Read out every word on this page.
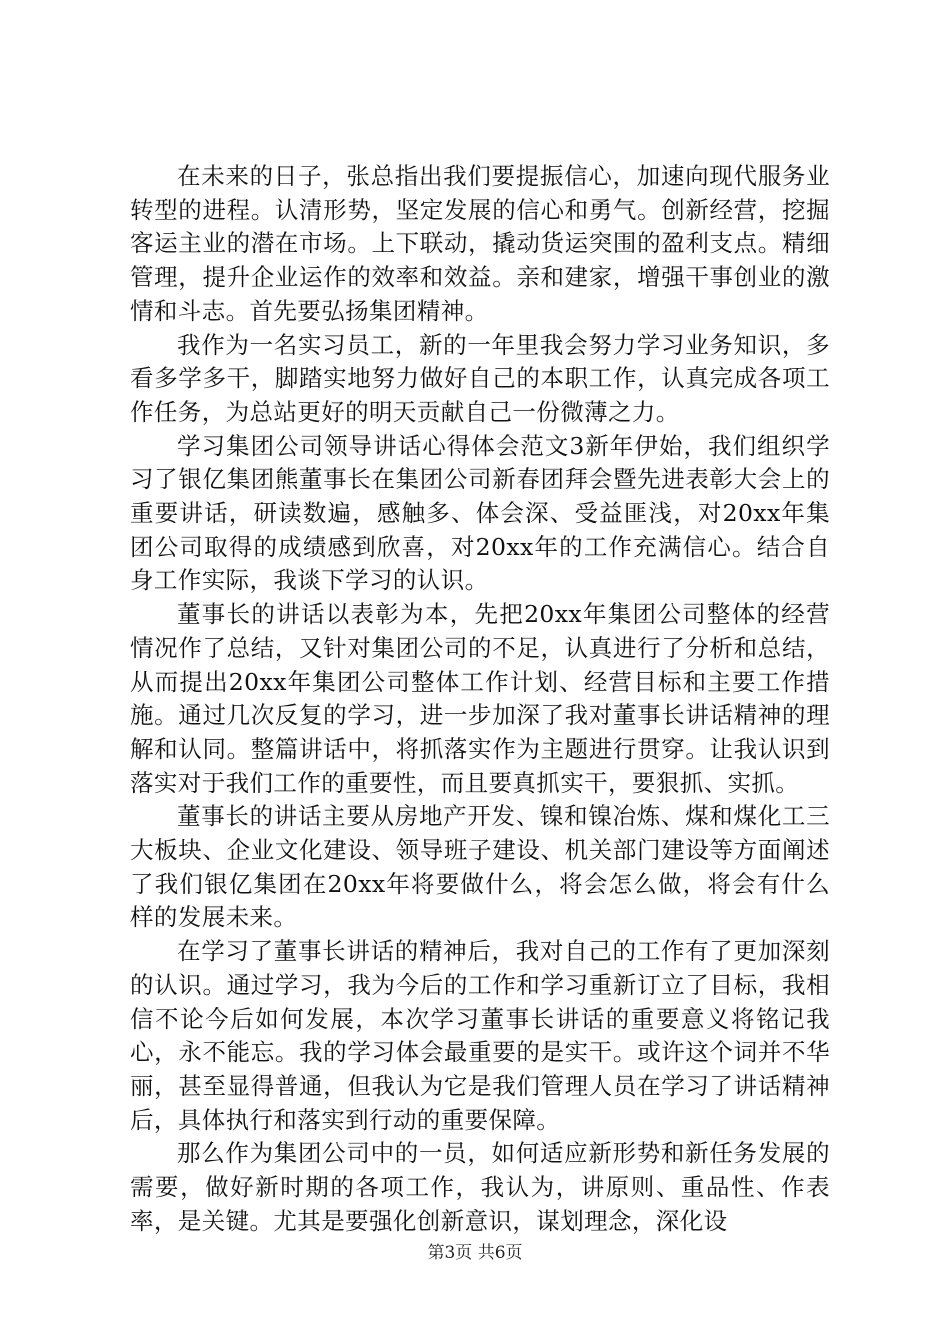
在未来的日子，张总指出我们要提振信心，加速向现代服务业转型的进程。认清形势，坚定发展的信心和勇气。创新经营，挖掘客运主业的潜在市场。上下联动，撬动货运突围的盈利支点。精细管理，提升企业运作的效率和效益。亲和建家，增强干事创业的激情和斗志。首先要弘扬集团精神。

我作为一名实习员工，新的一年里我会努力学习业务知识，多看多学多干，脚踏实地努力做好自己的本职工作，认真完成各项工作任务，为总站更好的明天贡献自己一份微薄之力。

学习集团公司领导讲话心得体会范文3新年伊始，我们组织学习了银亿集团熊董事长在集团公司新春团拜会暨先进表彰大会上的重要讲话，研读数遍，感触多、体会深、受益匪浅，对20xx年集团公司取得的成绩感到欣喜，对20xx年的工作充满信心。结合自身工作实际，我谈下学习的认识。

董事长的讲话以表彰为本，先把20xx年集团公司整体的经营情况作了总结，又针对集团公司的不足，认真进行了分析和总结，从而提出20xx年集团公司整体工作计划、经营目标和主要工作措施。通过几次反复的学习，进一步加深了我对董事长讲话精神的理解和认同。整篇讲话中，将抓落实作为主题进行贯穿。让我认识到落实对于我们工作的重要性，而且要真抓实干，要狠抓、实抓。

董事长的讲话主要从房地产开发、镍和镍冶炼、煤和煤化工三大板块、企业文化建设、领导班子建设、机关部门建设等方面阐述了我们银亿集团在20xx年将要做什么，将会怎么做，将会有什么样的发展未来。

在学习了董事长讲话的精神后，我对自己的工作有了更加深刻的认识。通过学习，我为今后的工作和学习重新订立了目标，我相信不论今后如何发展，本次学习董事长讲话的重要意义将铭记我心，永不能忘。我的学习体会最重要的是实干。或许这个词并不华丽，甚至显得普通，但我认为它是我们管理人员在学习了讲话精神后，具体执行和落实到行动的重要保障。

那么作为集团公司中的一员，如何适应新形势和新任务发展的需要，做好新时期的各项工作，我认为，讲原则、重品性、作表率，是关键。尤其是要强化创新意识，谋划理念，深化设

第3页 共6页
